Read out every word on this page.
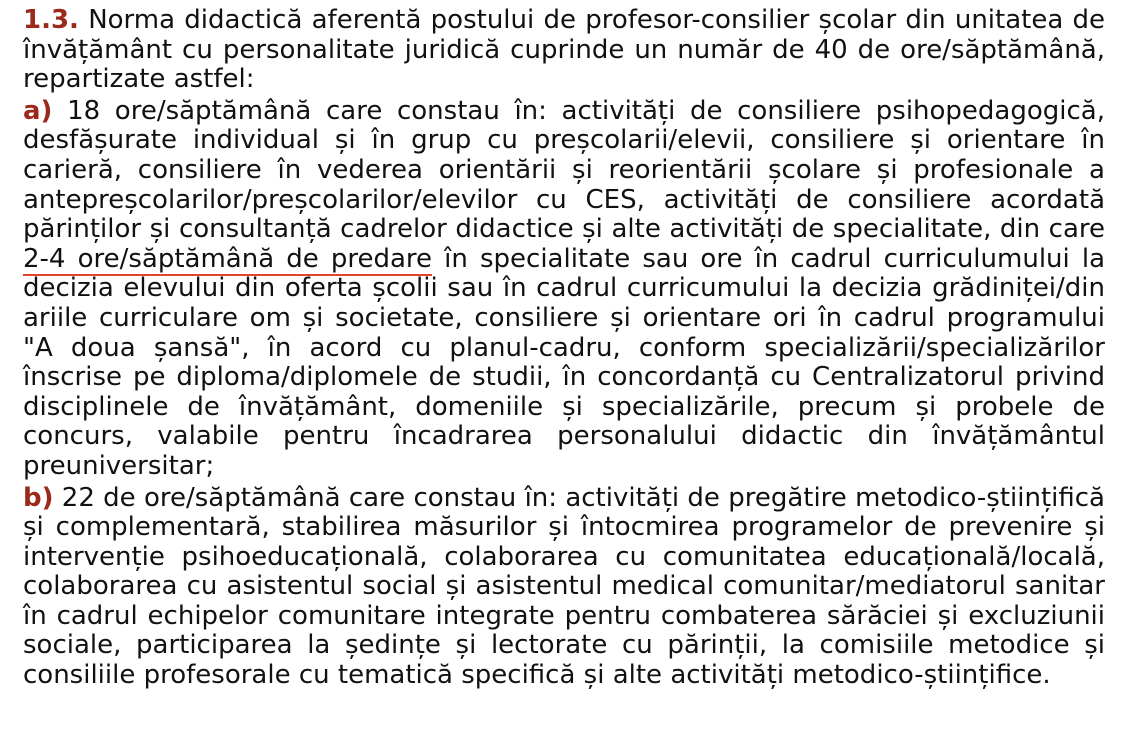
1.3. Norma didactică aferentă postului de profesor-consilier școlar din unitatea de învățământ cu personalitate juridică cuprinde un număr de 40 de ore/săptămână, repartizate astfel:

a) 18 ore/săptămână care constau în: activități de consiliere psihopedagogică, desfășurate individual și în grup cu preșcolarii/elevii, consiliere și orientare în carieră, consiliere în vederea orientării și reorientării școlare și profesionale a antepreșcolarilor/preșcolarilor/elevilor cu CES, activități de consiliere acordată părinților și consultanță cadrelor didactice și alte activități de specialitate, din care 2-4 ore/săptămână de predare în specialitate sau ore în cadrul curriculumului la decizia elevului din oferta școlii sau în cadrul curricumului la decizia grădiniței/din ariile curriculare om și societate, consiliere și orientare ori în cadrul programului "A doua șansă", în acord cu planul-cadru, conform specializării/specializărilor înscrise pe diploma/diplomele de studii, în concordanță cu Centralizatorul privind disciplinele de învățământ, domeniile și specializările, precum și probele de concurs, valabile pentru încadrarea personalului didactic din învățământul preuniversitar;

b) 22 de ore/săptămână care constau în: activități de pregătire metodico-științifică și complementară, stabilirea măsurilor și întocmirea programelor de prevenire și intervenție psihoeducațională, colaborarea cu comunitatea educațională/locală, colaborarea cu asistentul social și asistentul medical comunitar/mediatorul sanitar în cadrul echipelor comunitare integrate pentru combaterea sărăciei și excluziunii sociale, participarea la ședințe și lectorate cu părinții, la comisiile metodice și consiliile profesorale cu tematică specifică și alte activități metodico-științifice.
